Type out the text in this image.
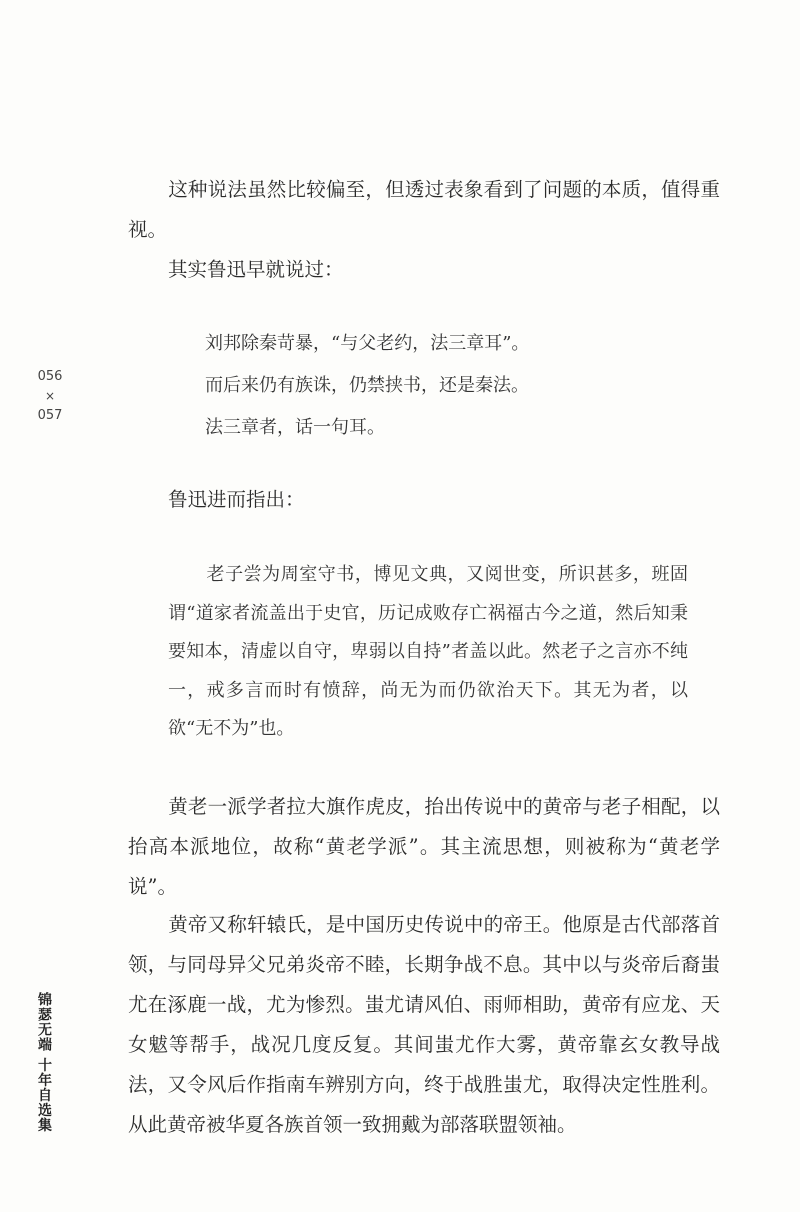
056
×
057
锦瑟无端 十年自选集

这种说法虽然比较偏至，但透过表象看到了问题的本质，值得重视。

其实鲁迅早就说过：

刘邦除秦苛暴，“与父老约，法三章耳”。
而后来仍有族诛，仍禁挟书，还是秦法。
法三章者，话一句耳。

鲁迅进而指出：

老子尝为周室守书，博见文典，又阅世变，所识甚多，班固谓“道家者流盖出于史官，历记成败存亡祸福古今之道，然后知秉要知本，清虚以自守，卑弱以自持”者盖以此。然老子之言亦不纯一，戒多言而时有愤辞，尚无为而仍欲治天下。其无为者，以欲“无不为”也。

黄老一派学者拉大旗作虎皮，抬出传说中的黄帝与老子相配，以抬高本派地位，故称“黄老学派”。其主流思想，则被称为“黄老学说”。

黄帝又称轩辕氏，是中国历史传说中的帝王。他原是古代部落首领，与同母异父兄弟炎帝不睦，长期争战不息。其中以与炎帝后裔蚩尤在涿鹿一战，尤为惨烈。蚩尤请风伯、雨师相助，黄帝有应龙、天女魃等帮手，战况几度反复。其间蚩尤作大雾，黄帝靠玄女教导战法，又令风后作指南车辨别方向，终于战胜蚩尤，取得决定性胜利。从此黄帝被华夏各族首领一致拥戴为部落联盟领袖。
